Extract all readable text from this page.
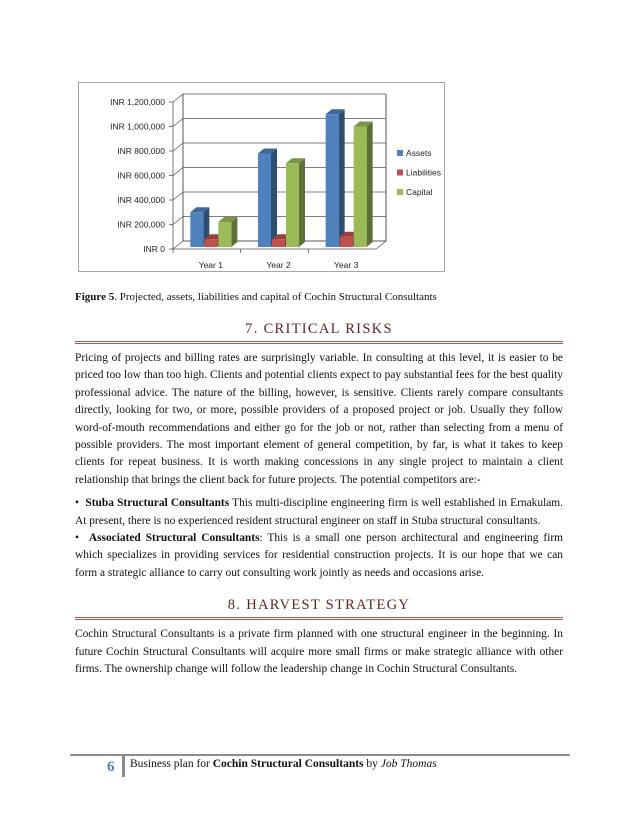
INR 0
INR 200,000
INR 400,000
INR 600,000
INR 800,000
INR 1,000,000
INR 1,200,000
Year 1	Year 2	Year 3
Assets
Liabilities
Capital
Figure 5. Projected, assets, liabilities and capital of Cochin Structural Consultants
7. CRITICAL RISKS
Pricing of projects and billing rates are surprisingly variable. In consulting at this level, it is easier to be priced too low than too high. Clients and potential clients expect to pay substantial fees for the best quality professional advice. The nature of the billing, however, is sensitive. Clients rarely compare consultants directly, looking for two, or more, possible providers of a proposed project or job. Usually they follow word-of-mouth recommendations and either go for the job or not, rather than selecting from a menu of possible providers. The most important element of general competition, by far, is what it takes to keep clients for repeat business. It is worth making concessions in any single project to maintain a client relationship that brings the client back for future projects. The potential competitors are:-
•  Stuba Structural Consultants This multi-discipline engineering firm is well established in Ernakulam. At present, there is no experienced resident structural engineer on staff in Stuba structural consultants.
•  Associated Structural Consultants: This is a small one person architectural and engineering firm which specializes in providing services for residential construction projects. It is our hope that we can form a strategic alliance to carry out consulting work jointly as needs and occasions arise.
8. HARVEST STRATEGY
Cochin Structural Consultants is a private firm planned with one structural engineer in the beginning. In future Cochin Structural Consultants will acquire more small firms or make strategic alliance with other firms. The ownership change will follow the leadership change in Cochin Structural Consultants.
6 Business plan for Cochin Structural Consultants by Job Thomas
